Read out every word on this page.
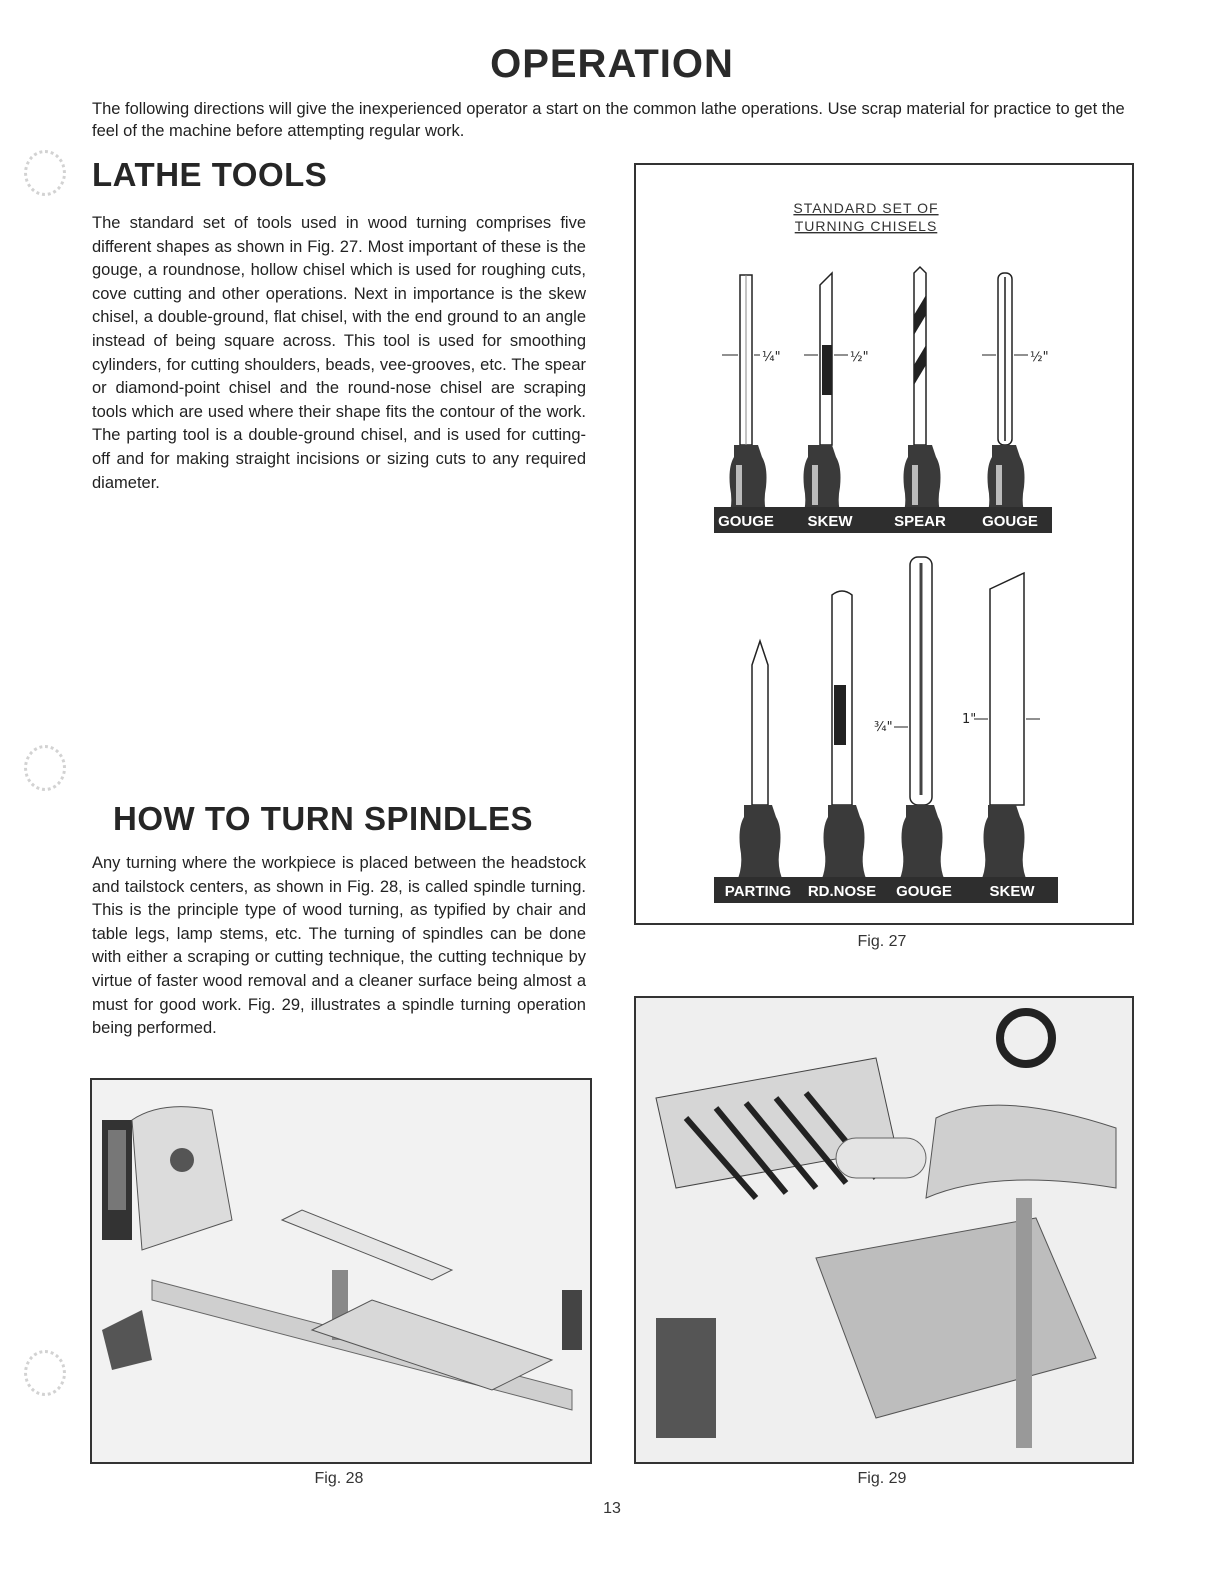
OPERATION
The following directions will give the inexperienced operator a start on the common lathe operations. Use scrap material for practice to get the feel of the machine before attempting regular work.
LATHE TOOLS
The standard set of tools used in wood turning comprises five different shapes as shown in Fig. 27. Most important of these is the gouge, a roundnose, hollow chisel which is used for roughing cuts, cove cutting and other operations. Next in importance is the skew chisel, a double-ground, flat chisel, with the end ground to an angle instead of being square across. This tool is used for smoothing cylinders, for cutting shoulders, beads, vee-grooves, etc. The spear or diamond-point chisel and the round-nose chisel are scraping tools which are used where their shape fits the contour of the work. The parting tool is a double-ground chisel, and is used for cutting-off and for making straight incisions or sizing cuts to any required diameter.
HOW TO TURN SPINDLES
Any turning where the workpiece is placed between the headstock and tailstock centers, as shown in Fig. 28, is called spindle turning. This is the principle type of wood turning, as typified by chair and table legs, lamp stems, etc. The turning of spindles can be done with either a scraping or cutting technique, the cutting technique by virtue of faster wood removal and a cleaner surface being almost a must for good work. Fig. 29, illustrates a spindle turning operation being performed.
STANDARD SET OF
TURNING CHISELS
¼"	½"	½"
GOUGE SKEW	SPEAR GOUGE
¾"
1"
PARTING RD.NOSE GOUGE	SKEW
Fig. 27
Fig. 28	Fig. 29
13
